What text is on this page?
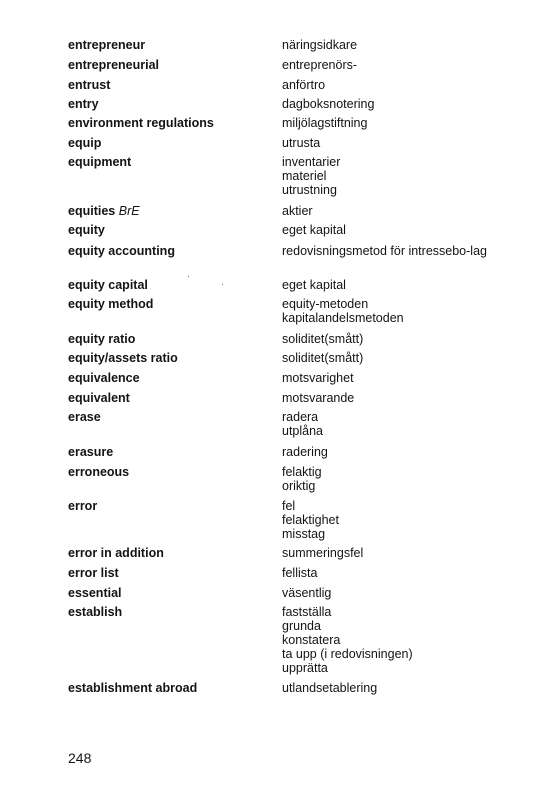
entrepreneur	näringsidkare
entrepreneurial	entreprenörs-
entrust	anförtro
entry	dagboksnotering
environment regulations	miljölagstiftning
equip	utrusta
equipment	inventarier
materiel
utrustning
equities BrE	aktier
equity	eget kapital
equity accounting	redovisningsmetod för intressebo-lag
equity capital	eget kapital
equity method	equity-metoden
kapitalandelsmetoden
equity ratio	soliditet(smått)
equity/assets ratio	soliditet(smått)
equivalence	motsvarighet
equivalent	motsvarande
erase	radera
utplåna
erasure	radering
erroneous	felaktig
oriktig
error	fel
felaktighet
misstag
error in addition	summeringsfel
error list	fellista
essential	väsentlig
establish	fastställa
grunda
konstatera
ta upp (i redovisningen)
upprätta
establishment abroad	utlandsetablering
248
